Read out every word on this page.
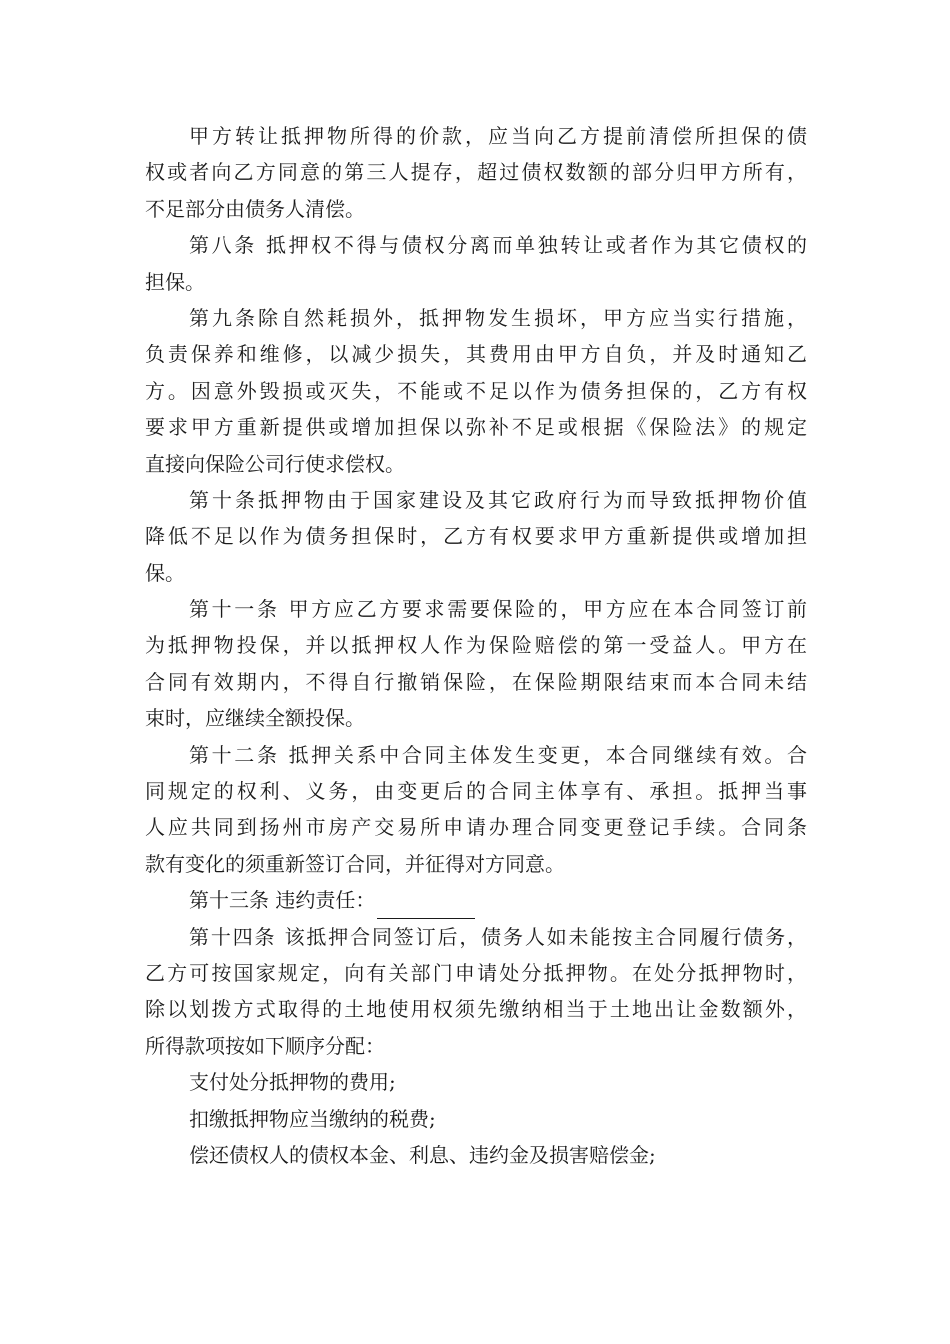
甲方转让抵押物所得的价款，应当向乙方提前清偿所担保的债
权或者向乙方同意的第三人提存，超过债权数额的部分归甲方所有，
不足部分由债务人清偿。
第八条 抵押权不得与债权分离而单独转让或者作为其它债权的
担保。
第九条除自然耗损外，抵押物发生损坏，甲方应当实行措施，
负责保养和维修，以减少损失，其费用由甲方自负，并及时通知乙
方。因意外毁损或灭失，不能或不足以作为债务担保的，乙方有权
要求甲方重新提供或增加担保以弥补不足或根据《保险法》的规定
直接向保险公司行使求偿权。
第十条抵押物由于国家建设及其它政府行为而导致抵押物价值
降低不足以作为债务担保时，乙方有权要求甲方重新提供或增加担
保。
第十一条 甲方应乙方要求需要保险的，甲方应在本合同签订前
为抵押物投保，并以抵押权人作为保险赔偿的第一受益人。甲方在
合同有效期内，不得自行撤销保险，在保险期限结束而本合同未结
束时，应继续全额投保。
第十二条 抵押关系中合同主体发生变更，本合同继续有效。合
同规定的权利、义务，由变更后的合同主体享有、承担。抵押当事
人应共同到扬州市房产交易所申请办理合同变更登记手续。合同条
款有变化的须重新签订合同，并征得对方同意。
第十三条 违约责任：
第十四条 该抵押合同签订后，债务人如未能按主合同履行债务，
乙方可按国家规定，向有关部门申请处分抵押物。在处分抵押物时，
除以划拨方式取得的土地使用权须先缴纳相当于土地出让金数额外，
所得款项按如下顺序分配：
支付处分抵押物的费用;
扣缴抵押物应当缴纳的税费;
偿还债权人的债权本金、利息、违约金及损害赔偿金;
